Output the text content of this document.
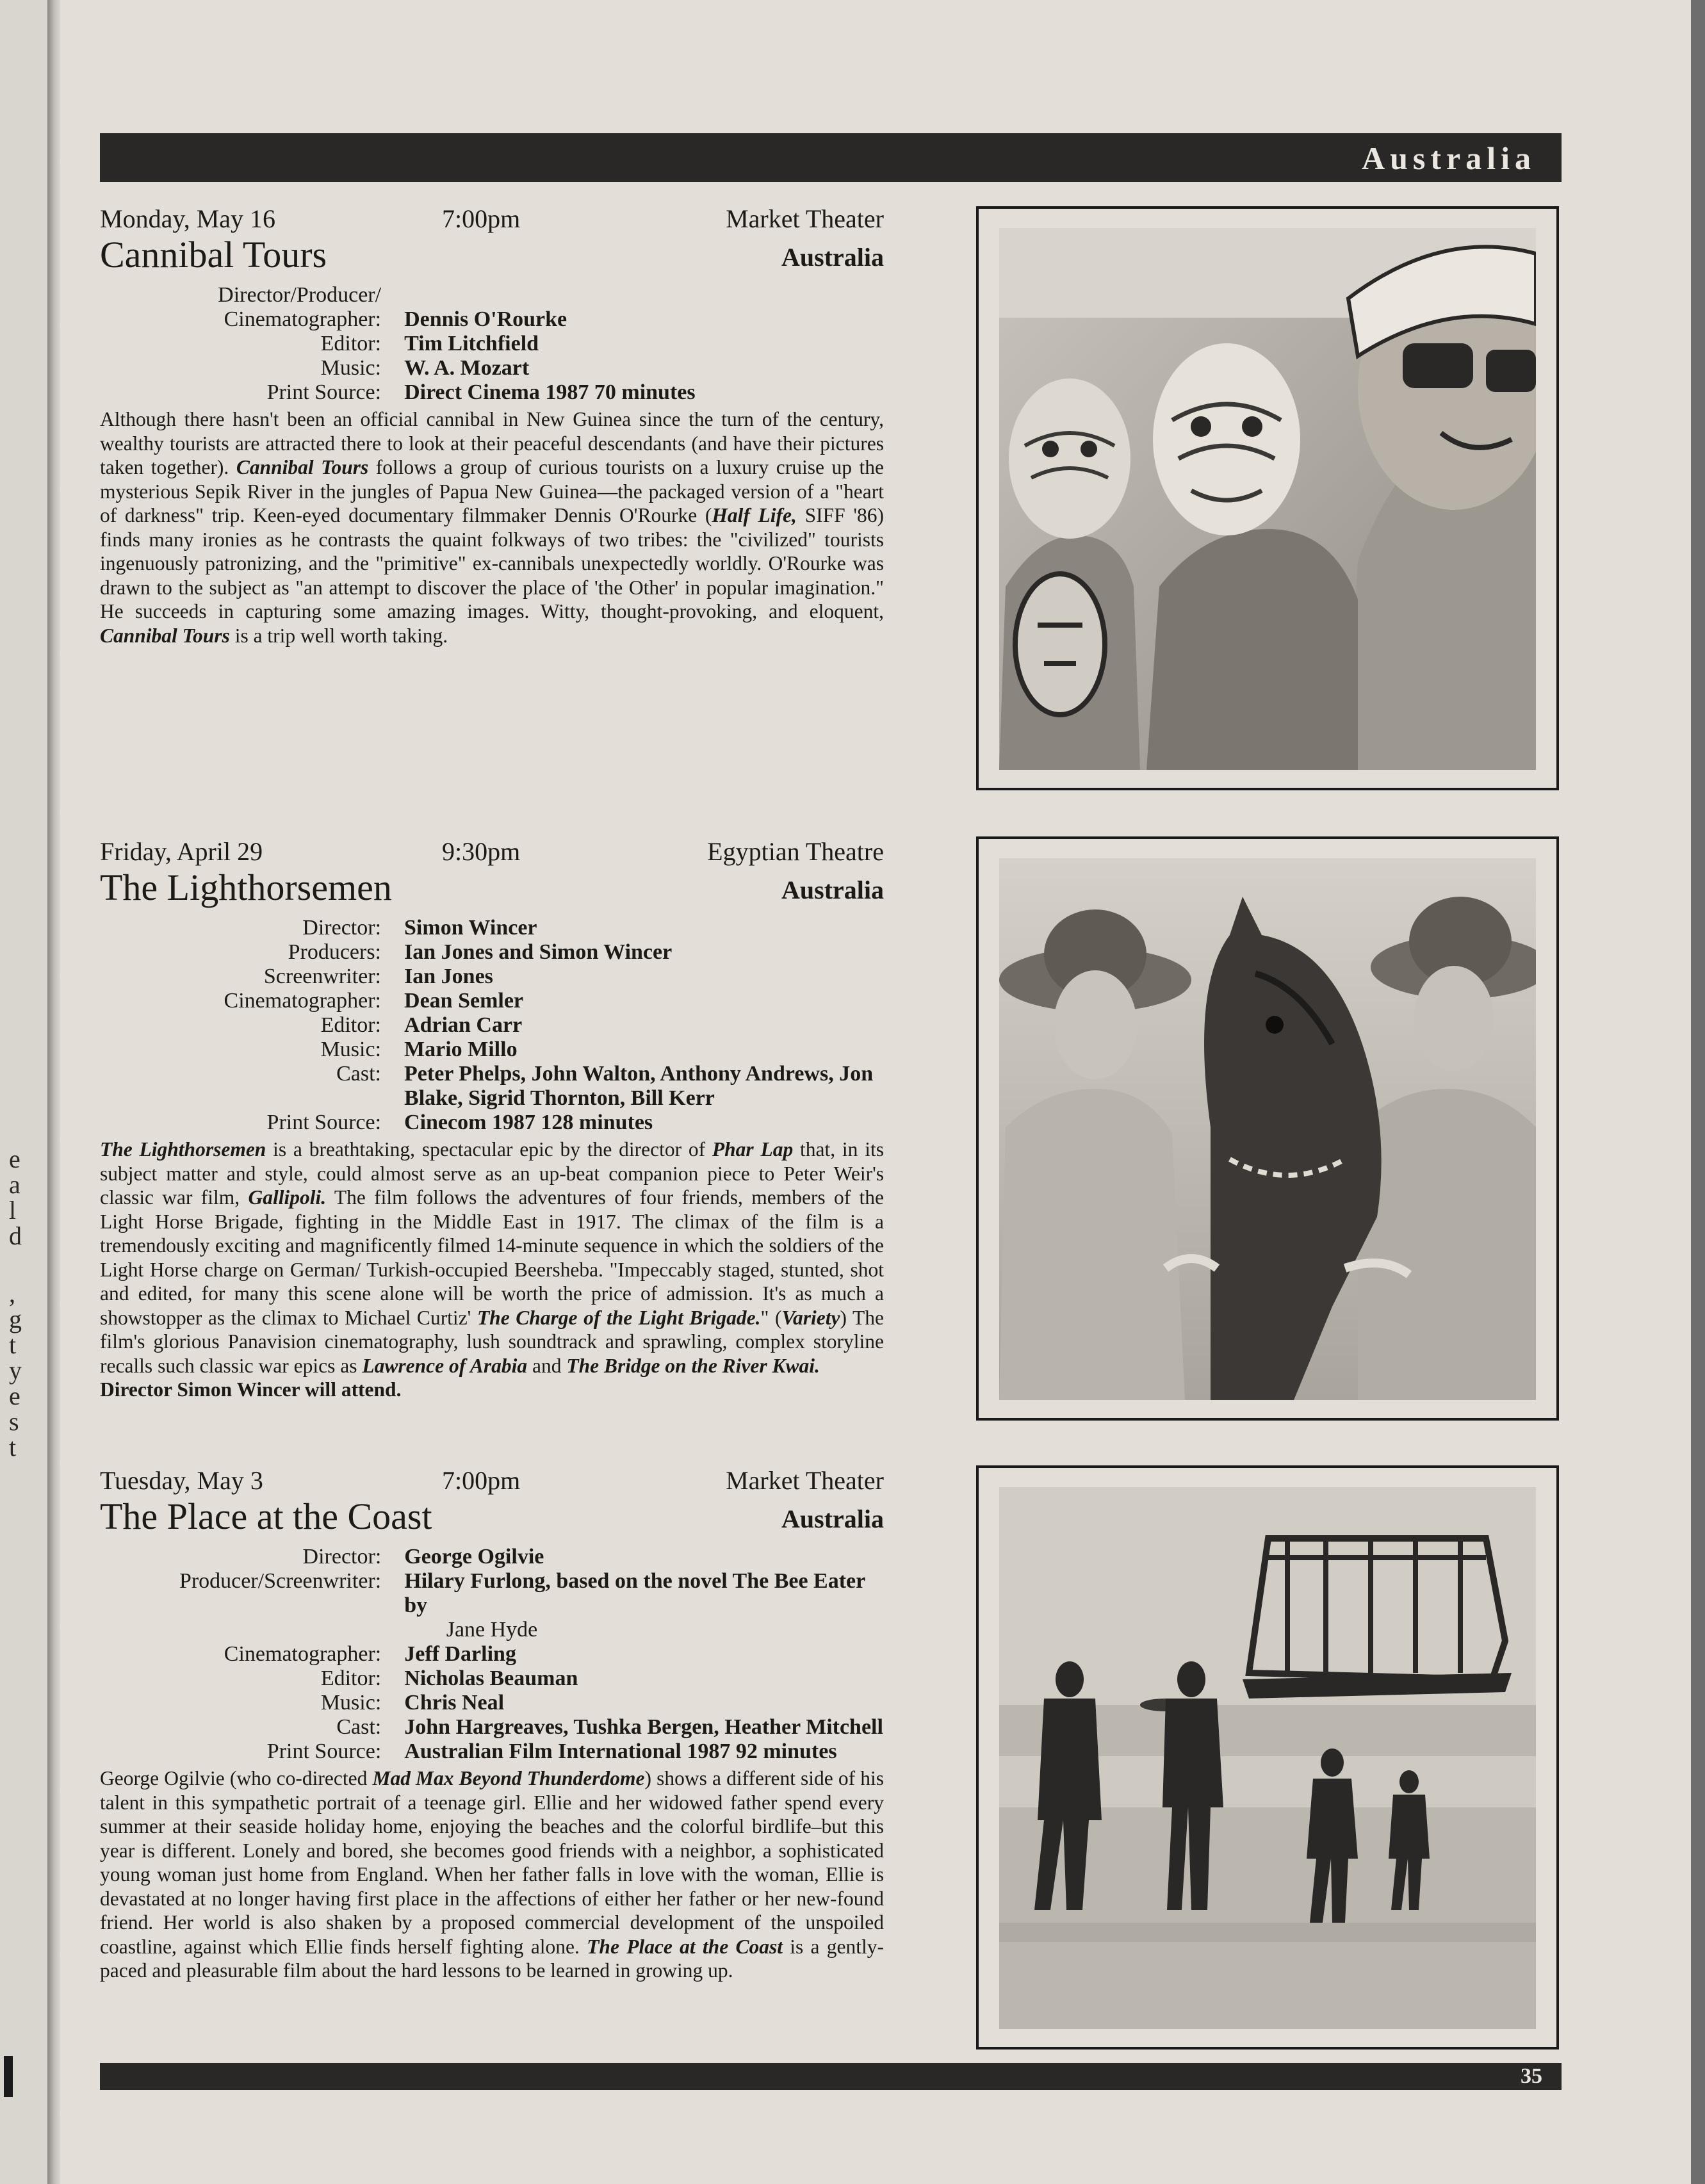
e
a
l
d
,
g
t
y
e
s
t
Australia
Monday, May 16	7:00pm	Market Theater
Cannibal Tours	Australia
Director/Producer/	
Cinematographer:	Dennis O'Rourke
Editor:	Tim Litchfield
Music:	W. A. Mozart
Print Source:	Direct Cinema 1987 70 minutes

Although there hasn't been an official cannibal in New Guinea since the turn of the century, wealthy tourists are attracted there to look at their peaceful descendants (and have their pictures taken together). Cannibal Tours follows a group of curious tourists on a luxury cruise up the mysterious Sepik River in the jungles of Papua New Guinea—the packaged version of a "heart of darkness" trip. Keen-eyed documentary filmmaker Dennis O'Rourke (Half Life, SIFF '86) finds many ironies as he contrasts the quaint folkways of two tribes: the "civilized" tourists ingenuously patronizing, and the "primitive" ex-cannibals unexpectedly worldly. O'Rourke was drawn to the subject as "an attempt to discover the place of 'the Other' in popular imagination." He succeeds in capturing some amazing images. Witty, thought-provoking, and eloquent, Cannibal Tours is a trip well worth taking.

Friday, April 29	9:30pm	Egyptian Theatre
The Lighthorsemen	Australia
Director:	Simon Wincer
Producers:	Ian Jones and Simon Wincer
Screenwriter:	Ian Jones
Cinematographer:	Dean Semler
Editor:	Adrian Carr
Music:	Mario Millo
Cast:	Peter Phelps, John Walton, Anthony Andrews, Jon Blake, Sigrid Thornton, Bill Kerr
Print Source:	Cinecom 1987 128 minutes

The Lighthorsemen is a breathtaking, spectacular epic by the director of Phar Lap that, in its subject matter and style, could almost serve as an up-beat companion piece to Peter Weir's classic war film, Gallipoli. The film follows the adventures of four friends, members of the Light Horse Brigade, fighting in the Middle East in 1917. The climax of the film is a tremendously exciting and magnificently filmed 14-minute sequence in which the soldiers of the Light Horse charge on German/ Turkish-occupied Beersheba. "Impeccably staged, stunted, shot and edited, for many this scene alone will be worth the price of admission. It's as much a showstopper as the climax to Michael Curtiz' The Charge of the Light Brigade." (Variety) The film's glorious Panavision cinematography, lush soundtrack and sprawling, complex storyline recalls such classic war epics as Lawrence of Arabia and The Bridge on the River Kwai.

Director Simon Wincer will attend.
Tuesday, May 3	7:00pm	Market Theater
The Place at the Coast	Australia
Director:	George Ogilvie
Producer/Screenwriter:	Hilary Furlong, based on the novel The Bee Eater by
Jane Hyde	
Cinematographer:	Jeff Darling
Editor:	Nicholas Beauman
Music:	Chris Neal
Cast:	John Hargreaves, Tushka Bergen, Heather Mitchell
Print Source:	Australian Film International 1987 92 minutes

George Ogilvie (who co-directed Mad Max Beyond Thunderdome) shows a different side of his talent in this sympathetic portrait of a teenage girl. Ellie and her widowed father spend every summer at their seaside holiday home, enjoying the beaches and the colorful birdlife–but this year is different. Lonely and bored, she becomes good friends with a neighbor, a sophisticated young woman just home from England. When her father falls in love with the woman, Ellie is devastated at no longer having first place in the affections of either her father or her new-found friend. Her world is also shaken by a proposed commercial development of the unspoiled coastline, against which Ellie finds herself fighting alone. The Place at the Coast is a gently-paced and pleasurable film about the hard lessons to be learned in growing up.

35
